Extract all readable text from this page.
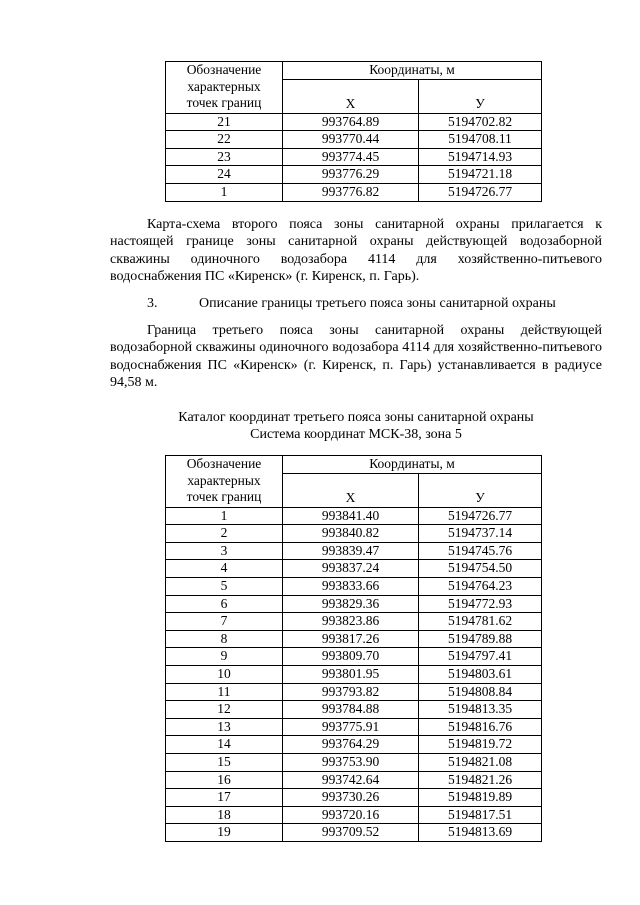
Обозначение
характерных
точек границ	Координаты, м	
	X	У

21	993764.89	5194702.82
22	993770.44	5194708.11
23	993774.45	5194714.93
24	993776.29	5194721.18
1	993776.82	5194726.77

Карта-схема второго пояса зоны санитарной охраны прилагается к настоящей границе зоны санитарной охраны действующей водозаборной скважины одиночного водозабора 4114 для хозяйственно-питьевого водоснабжения ПС «Киренск» (г. Киренск, п. Гарь).

3.	Описание границы третьего пояса зоны санитарной охраны

Граница третьего пояса зоны санитарной охраны действующей водозаборной скважины одиночного водозабора 4114 для хозяйственно-питьевого водоснабжения ПС «Киренск» (г. Киренск, п. Гарь) устанавливается в радиусе 94,58 м.

Каталог координат третьего пояса зоны санитарной охраны
Система координат МСК-38, зона 5
Обозначение
характерных
точек границ	Координаты, м	
	X	У

1	993841.40	5194726.77
2	993840.82	5194737.14
3	993839.47	5194745.76
4	993837.24	5194754.50
5	993833.66	5194764.23
6	993829.36	5194772.93
7	993823.86	5194781.62
8	993817.26	5194789.88
9	993809.70	5194797.41
10	993801.95	5194803.61
11	993793.82	5194808.84
12	993784.88	5194813.35
13	993775.91	5194816.76
14	993764.29	5194819.72
15	993753.90	5194821.08
16	993742.64	5194821.26
17	993730.26	5194819.89
18	993720.16	5194817.51
19	993709.52	5194813.69
